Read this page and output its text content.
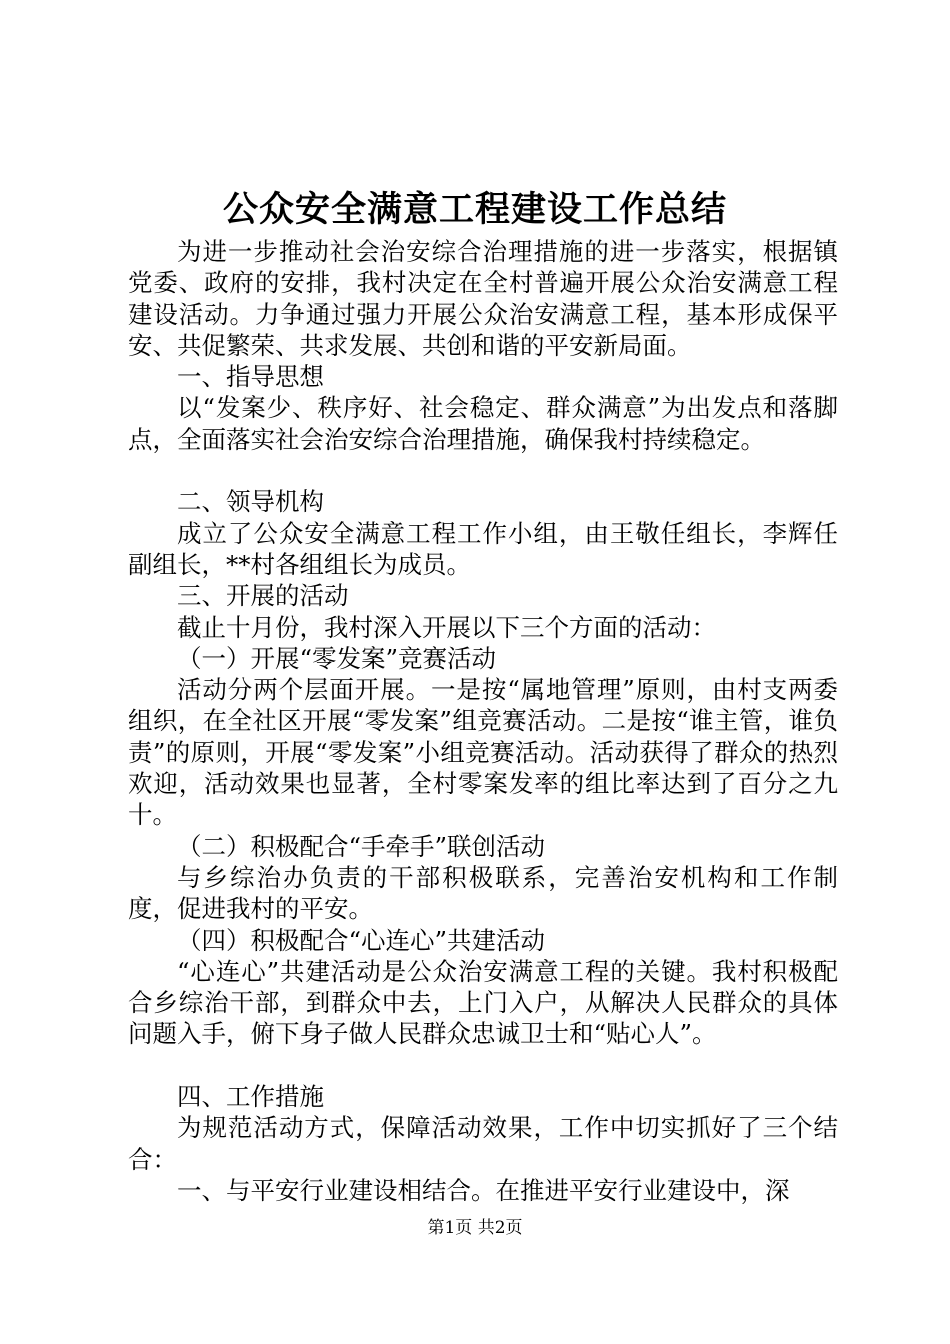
公众安全满意工程建设工作总结

为进一步推动社会治安综合治理措施的进一步落实，根据镇党委、政府的安排，我村决定在全村普遍开展公众治安满意工程建设活动。力争通过强力开展公众治安满意工程，基本形成保平安、共促繁荣、共求发展、共创和谐的平安新局面。

一、指导思想

以“发案少、秩序好、社会稳定、群众满意”为出发点和落脚点，全面落实社会治安综合治理措施，确保我村持续稳定。

二、领导机构

成立了公众安全满意工程工作小组，由王敬任组长，李辉任副组长，**村各组组长为成员。

三、开展的活动

截止十月份，我村深入开展以下三个方面的活动：

（一）开展“零发案”竞赛活动

活动分两个层面开展。一是按“属地管理”原则，由村支两委组织，在全社区开展“零发案”组竞赛活动。二是按“谁主管，谁负责”的原则，开展“零发案”小组竞赛活动。活动获得了群众的热烈欢迎，活动效果也显著，全村零案发率的组比率达到了百分之九十。

（二）积极配合“手牵手”联创活动

与乡综治办负责的干部积极联系，完善治安机构和工作制度，促进我村的平安。

（四）积极配合“心连心”共建活动

“心连心”共建活动是公众治安满意工程的关键。我村积极配合乡综治干部，到群众中去，上门入户，从解决人民群众的具体问题入手，俯下身子做人民群众忠诚卫士和“贴心人”。

四、工作措施

为规范活动方式，保障活动效果，工作中切实抓好了三个结合：

一、与平安行业建设相结合。在推进平安行业建设中，深

第1页 共2页
